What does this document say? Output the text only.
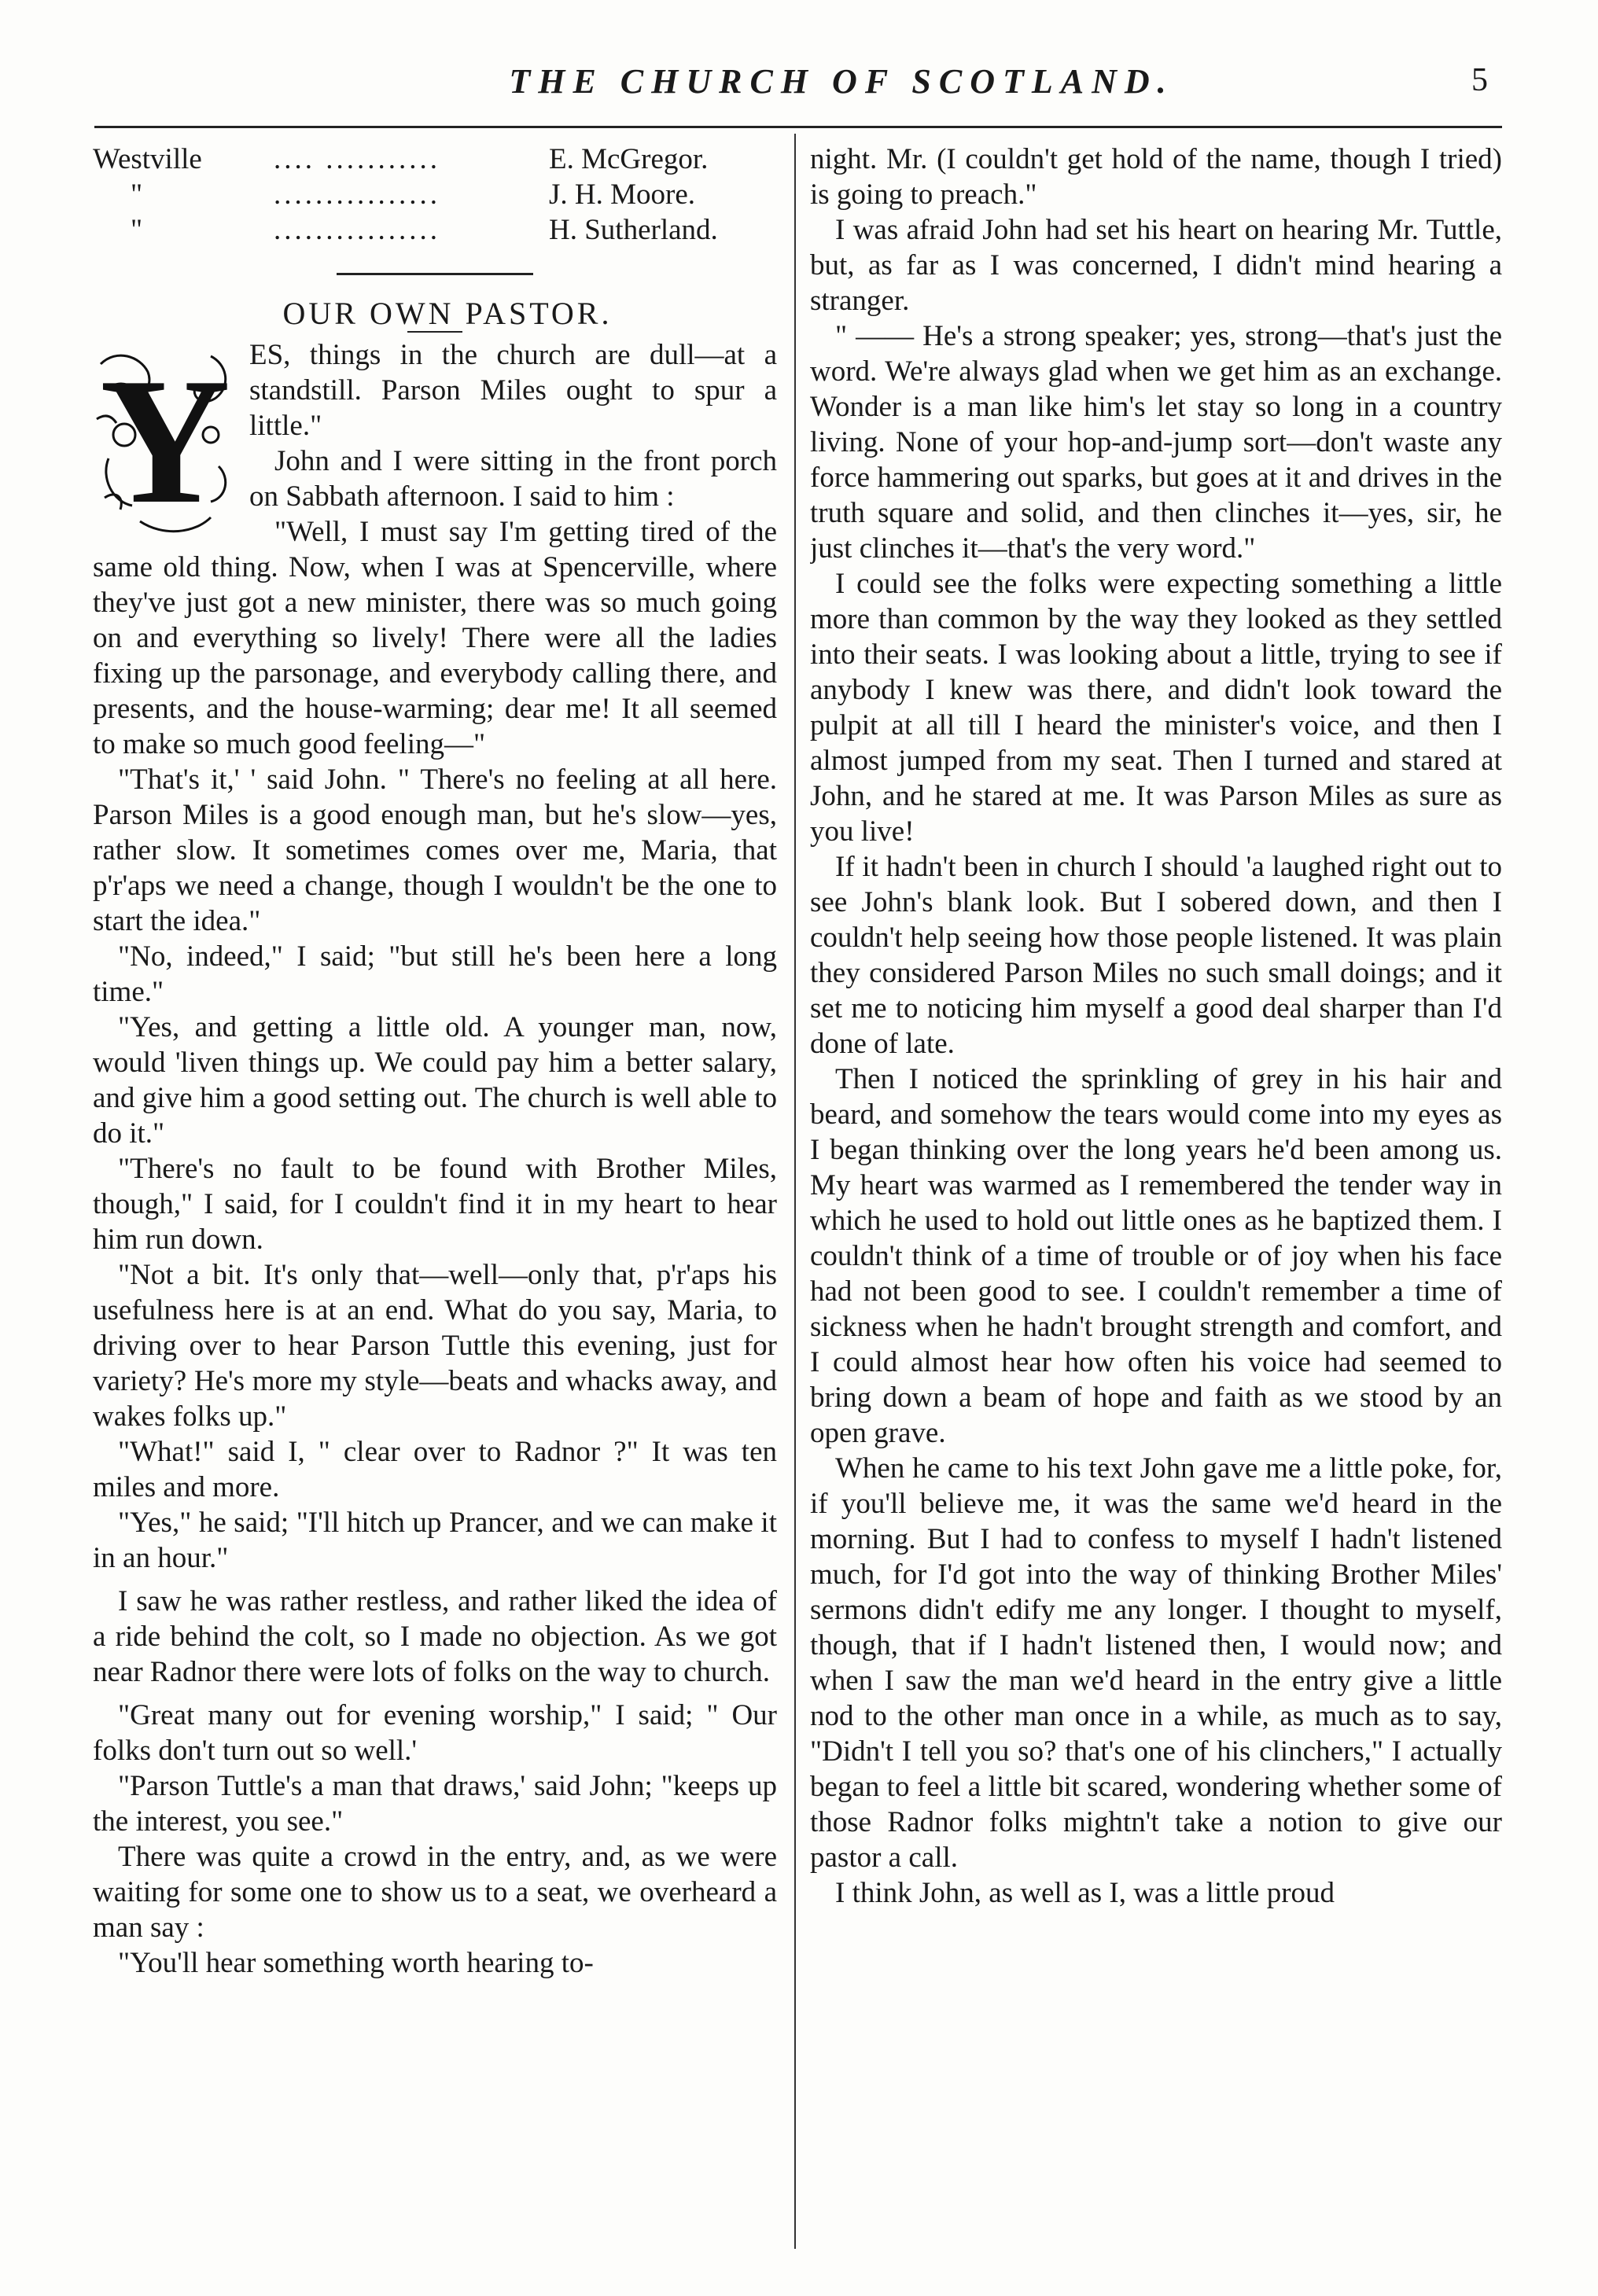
THE CHURCH OF SCOTLAND.	5
Westville	.... ...........	E. McGregor.
"	................	J. H. Moore.
"	................	H. Sutherland.

OUR OWN PASTOR.

Y ES, things in the church are dull—at a standstill. Parson Miles ought to spur a little."

John and I were sitting in the front porch on Sabbath afternoon. I said to him :

"Well, I must say I'm getting tired of the same old thing. Now, when I was at Spencerville, where they've just got a new minister, there was so much going on and everything so lively! There were all the ladies fixing up the parsonage, and everybody calling there, and presents, and the house-warming; dear me! It all seemed to make so much good feeling—"

"That's it,' ' said John. " There's no feeling at all here. Parson Miles is a good enough man, but he's slow—yes, rather slow. It sometimes comes over me, Maria, that p'r'aps we need a change, though I wouldn't be the one to start the idea."

"No, indeed," I said; "but still he's been here a long time."

"Yes, and getting a little old. A younger man, now, would 'liven things up. We could pay him a better salary, and give him a good setting out. The church is well able to do it."

"There's no fault to be found with Brother Miles, though," I said, for I couldn't find it in my heart to hear him run down.

"Not a bit. It's only that—well—only that, p'r'aps his usefulness here is at an end. What do you say, Maria, to driving over to hear Parson Tuttle this evening, just for variety? He's more my style—beats and whacks away, and wakes folks up."

"What!" said I, " clear over to Radnor ?" It was ten miles and more.

"Yes," he said; "I'll hitch up Prancer, and we can make it in an hour."

I saw he was rather restless, and rather liked the idea of a ride behind the colt, so I made no objection. As we got near Radnor there were lots of folks on the way to church.

"Great many out for evening worship," I said; " Our folks don't turn out so well.'

"Parson Tuttle's a man that draws,' said John; "keeps up the interest, you see."

There was quite a crowd in the entry, and, as we were waiting for some one to show us to a seat, we overheard a man say :

"You'll hear something worth hearing to-

night. Mr. (I couldn't get hold of the name, though I tried) is going to preach."

I was afraid John had set his heart on hearing Mr. Tuttle, but, as far as I was concerned, I didn't mind hearing a stranger.

" —— He's a strong speaker; yes, strong—that's just the word. We're always glad when we get him as an exchange. Wonder is a man like him's let stay so long in a country living. None of your hop-and-jump sort—don't waste any force hammering out sparks, but goes at it and drives in the truth square and solid, and then clinches it—yes, sir, he just clinches it—that's the very word."

I could see the folks were expecting something a little more than common by the way they looked as they settled into their seats. I was looking about a little, trying to see if anybody I knew was there, and didn't look toward the pulpit at all till I heard the minister's voice, and then I almost jumped from my seat. Then I turned and stared at John, and he stared at me. It was Parson Miles as sure as you live!

If it hadn't been in church I should 'a laughed right out to see John's blank look. But I sobered down, and then I couldn't help seeing how those people listened. It was plain they considered Parson Miles no such small doings; and it set me to noticing him myself a good deal sharper than I'd done of late.

Then I noticed the sprinkling of grey in his hair and beard, and somehow the tears would come into my eyes as I began thinking over the long years he'd been among us. My heart was warmed as I remembered the tender way in which he used to hold out little ones as he baptized them. I couldn't think of a time of trouble or of joy when his face had not been good to see. I couldn't remember a time of sickness when he hadn't brought strength and comfort, and I could almost hear how often his voice had seemed to bring down a beam of hope and faith as we stood by an open grave.

When he came to his text John gave me a little poke, for, if you'll believe me, it was the same we'd heard in the morning. But I had to confess to myself I hadn't listened much, for I'd got into the way of thinking Brother Miles' sermons didn't edify me any longer. I thought to myself, though, that if I hadn't listened then, I would now; and when I saw the man we'd heard in the entry give a little nod to the other man once in a while, as much as to say, "Didn't I tell you so? that's one of his clinchers," I actually began to feel a little bit scared, wondering whether some of those Radnor folks mightn't take a notion to give our pastor a call.

I think John, as well as I, was a little proud
